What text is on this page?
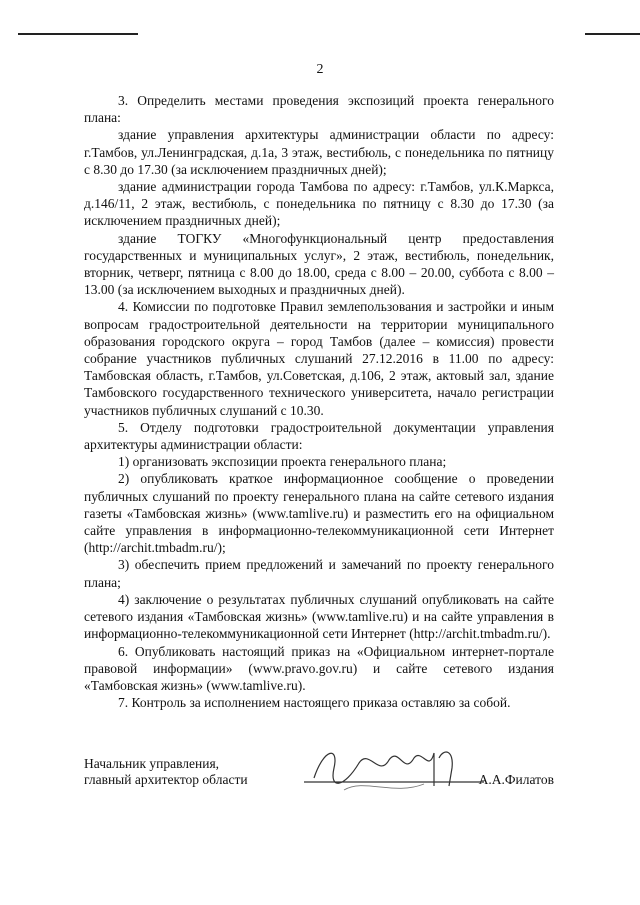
2

3. Определить местами проведения экспозиций проекта генерального плана:

здание управления архитектуры администрации области по адресу: г.Тамбов, ул.Ленинградская, д.1а, 3 этаж, вестибюль, с понедельника по пятницу с 8.30 до 17.30 (за исключением праздничных дней);

здание администрации города Тамбова по адресу: г.Тамбов, ул.К.Маркса, д.146/11, 2 этаж, вестибюль, с понедельника по пятницу с 8.30 до 17.30 (за исключением праздничных дней);

здание ТОГКУ «Многофункциональный центр предоставления государственных и муниципальных услуг», 2 этаж, вестибюль, понедельник, вторник, четверг, пятница с 8.00 до 18.00, среда с 8.00 – 20.00, суббота с 8.00 – 13.00 (за исключением выходных и праздничных дней).

4. Комиссии по подготовке Правил землепользования и застройки и иным вопросам градостроительной деятельности на территории муниципального образования городского округа – город Тамбов (далее – комиссия) провести собрание участников публичных слушаний 27.12.2016 в 11.00 по адресу: Тамбовская область, г.Тамбов, ул.Советская, д.106, 2 этаж, актовый зал, здание Тамбовского государственного технического университета, начало регистрации участников публичных слушаний с 10.30.

5. Отделу подготовки градостроительной документации управления архитектуры администрации области:

1) организовать экспозиции проекта генерального плана;

2) опубликовать краткое информационное сообщение о проведении публичных слушаний по проекту генерального плана на сайте сетевого издания газеты «Тамбовская жизнь» (www.tamlive.ru) и разместить его на официальном сайте управления в информационно-телекоммуникационной сети Интернет (http://archit.tmbadm.ru/);

3) обеспечить прием предложений и замечаний по проекту генерального плана;

4) заключение о результатах публичных слушаний опубликовать на сайте сетевого издания «Тамбовская жизнь» (www.tamlive.ru) и на сайте управления в информационно-телекоммуникационной сети Интернет (http://archit.tmbadm.ru/).

6. Опубликовать настоящий приказ на «Официальном интернет-портале правовой информации» (www.pravo.gov.ru) и сайте сетевого издания «Тамбовская жизнь» (www.tamlive.ru).

7. Контроль за исполнением настоящего приказа оставляю за собой.

Начальник управления,
главный архитектор области	А.А.Филатов
